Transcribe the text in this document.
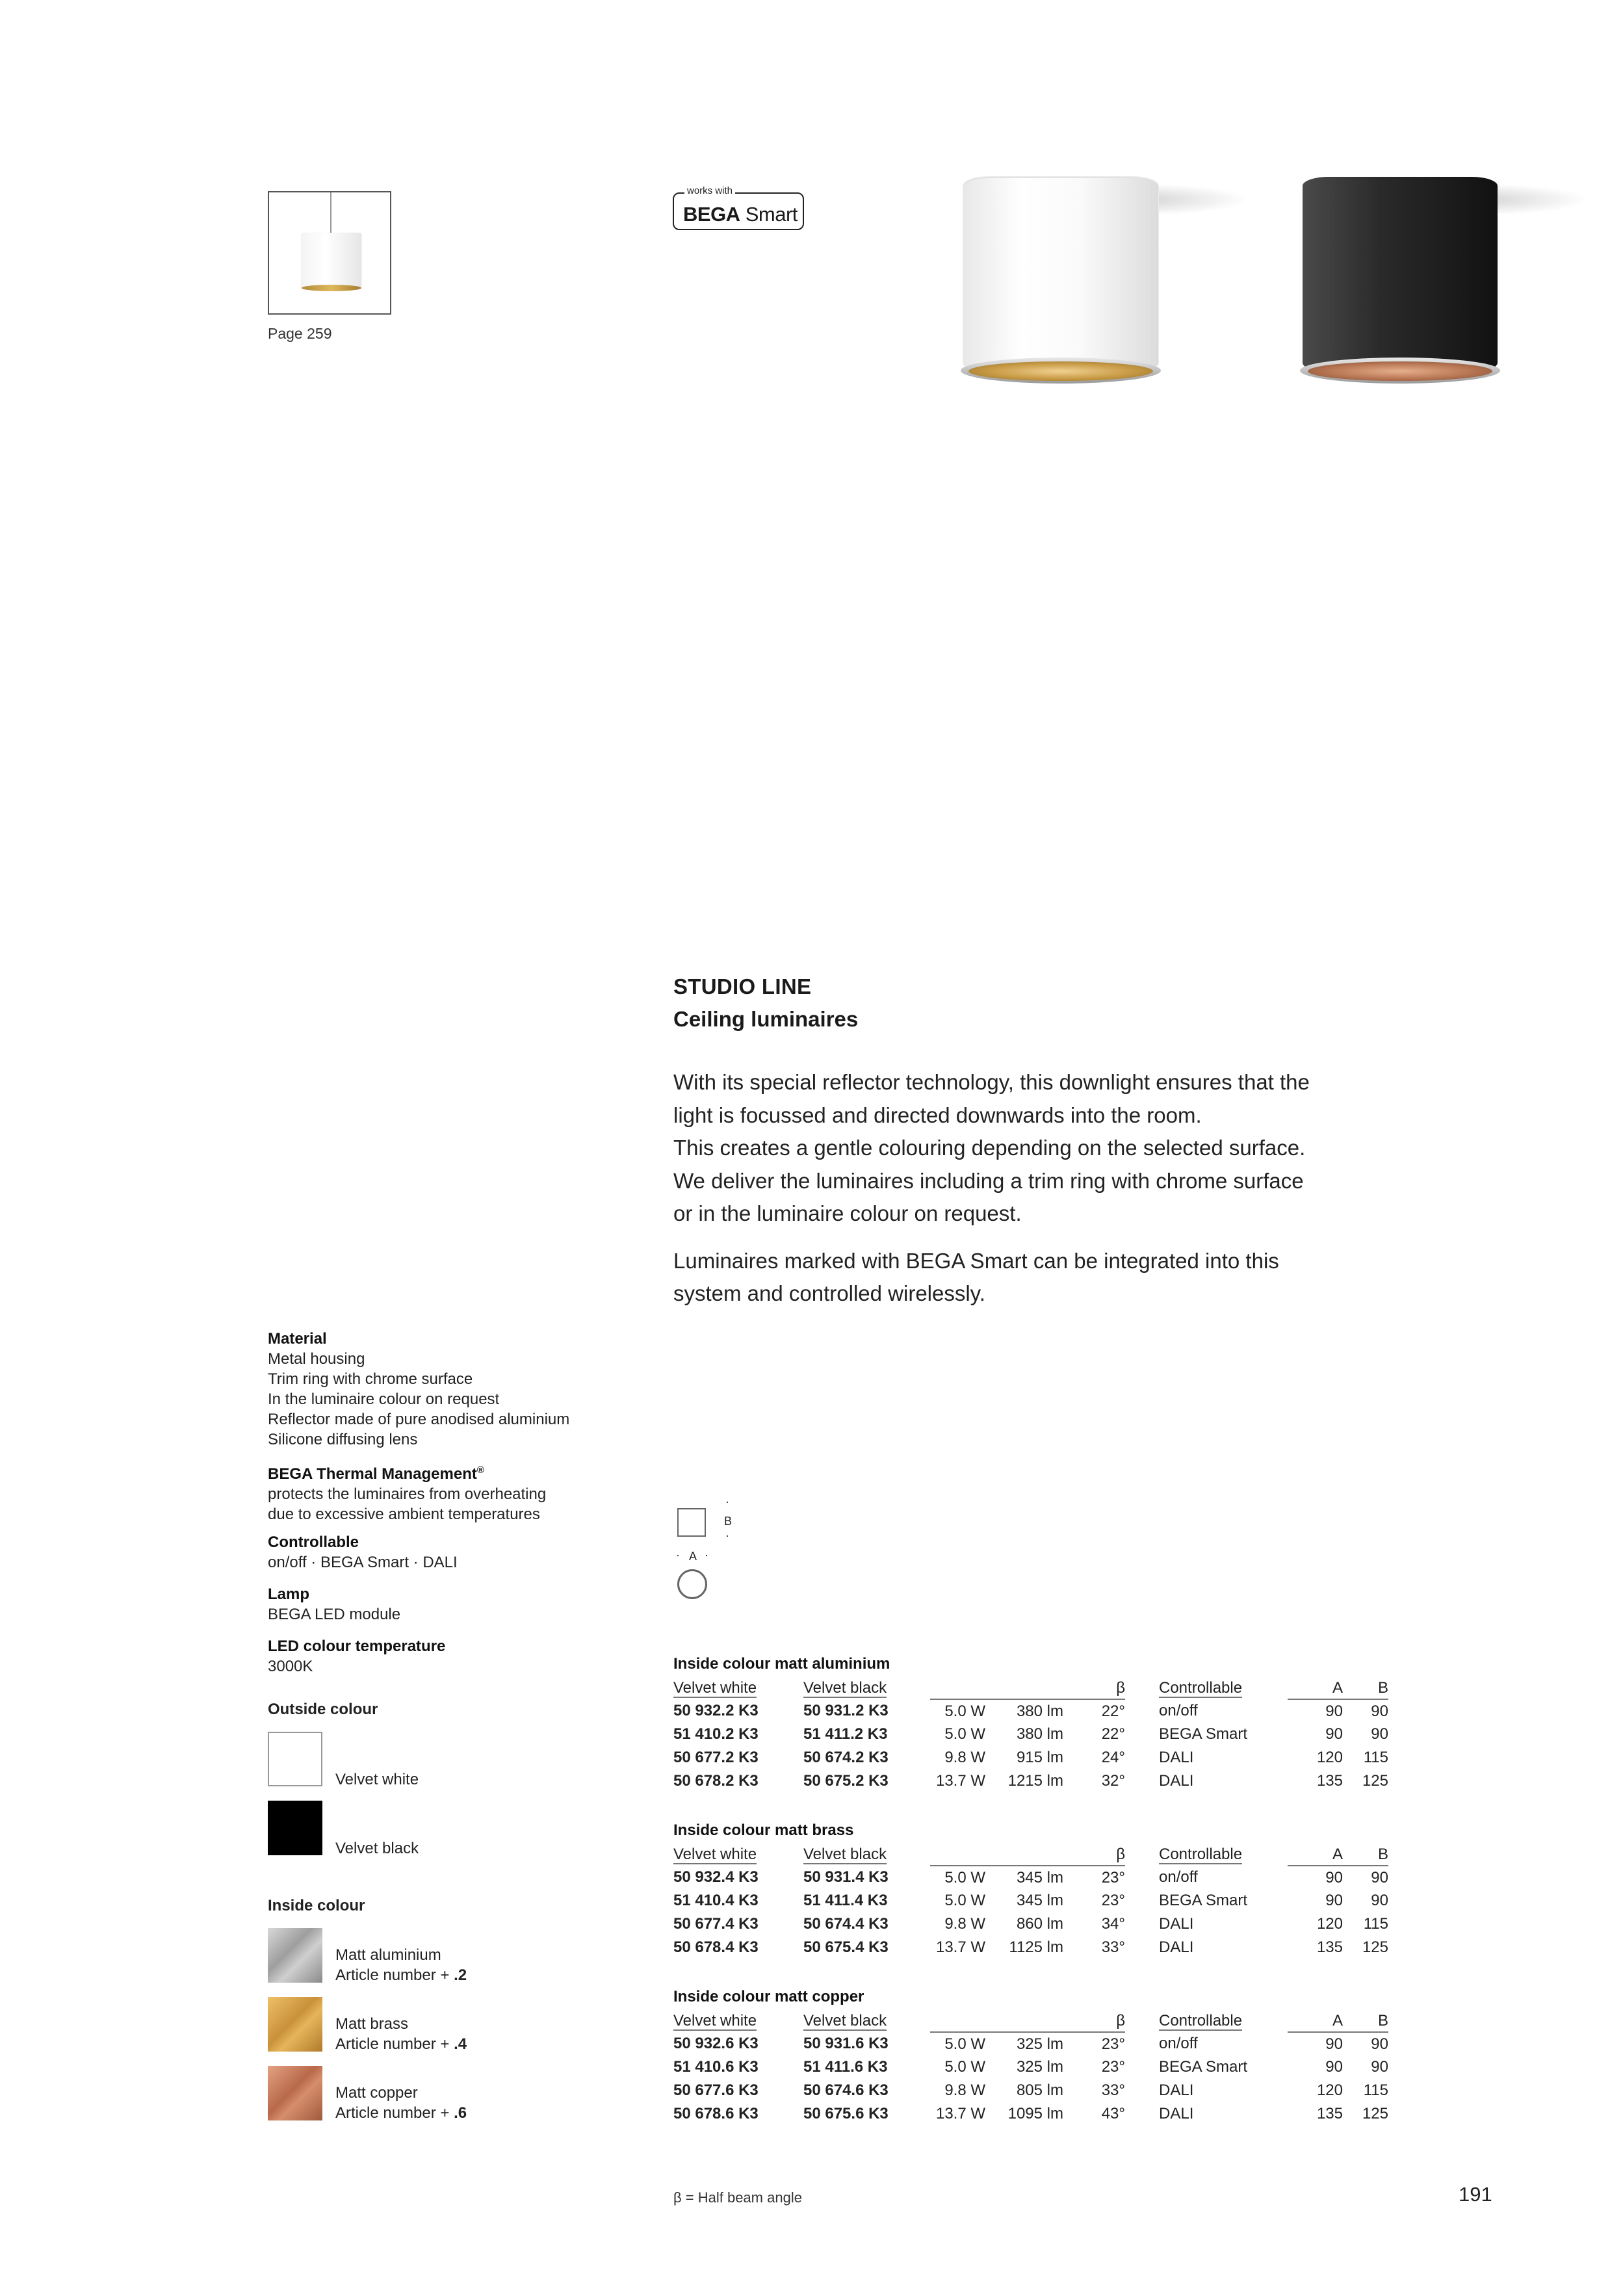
Page 259
works with
BEGA Smart
STUDIO LINE
Ceiling luminaires

With its special reflector technology, this downlight ensures that the
light is focussed and directed downwards into the room.
This creates a gentle colouring depending on the selected surface.
We deliver the luminaires including a trim ring with chrome surface
or in the luminaire colour on request.

Luminaires marked with BEGA Smart can be integrated into this
system and controlled wirelessly.

Material
Metal housing
Trim ring with chrome surface
In the luminaire colour on request
Reflector made of pure anodised aluminium
Silicone diffusing lens
BEGA Thermal Management®
protects the luminaires from overheating
due to excessive ambient temperatures
Controllable
on/off · BEGA Smart · DALI
Lamp
BEGA LED module
LED colour temperature
3000K
Outside colour
Velvet white
Velvet black
Inside colour
Matt aluminium
Article number + .2
Matt brass
Article number + .4
Matt copper
Article number + .6
·
B
·
· A ·
Inside colour matt aluminium
Velvet white	Velvet black			β	Controllable	A	B
50 932.2 K3	50 931.2 K3	5.0 W	380 lm	22°	on/off	90	90
51 410.2 K3	51 411.2 K3	5.0 W	380 lm	22°	BEGA Smart	90	90
50 677.2 K3	50 674.2 K3	9.8 W	915 lm	24°	DALI	120	115
50 678.2 K3	50 675.2 K3	13.7 W	1215 lm	32°	DALI	135	125
Inside colour matt brass
Velvet white	Velvet black			β	Controllable	A	B
50 932.4 K3	50 931.4 K3	5.0 W	345 lm	23°	on/off	90	90
51 410.4 K3	51 411.4 K3	5.0 W	345 lm	23°	BEGA Smart	90	90
50 677.4 K3	50 674.4 K3	9.8 W	860 lm	34°	DALI	120	115
50 678.4 K3	50 675.4 K3	13.7 W	1125 lm	33°	DALI	135	125
Inside colour matt copper
Velvet white	Velvet black			β	Controllable	A	B
50 932.6 K3	50 931.6 K3	5.0 W	325 lm	23°	on/off	90	90
51 410.6 K3	51 411.6 K3	5.0 W	325 lm	23°	BEGA Smart	90	90
50 677.6 K3	50 674.6 K3	9.8 W	805 lm	33°	DALI	120	115
50 678.6 K3	50 675.6 K3	13.7 W	1095 lm	43°	DALI	135	125
β = Half beam angle	191
